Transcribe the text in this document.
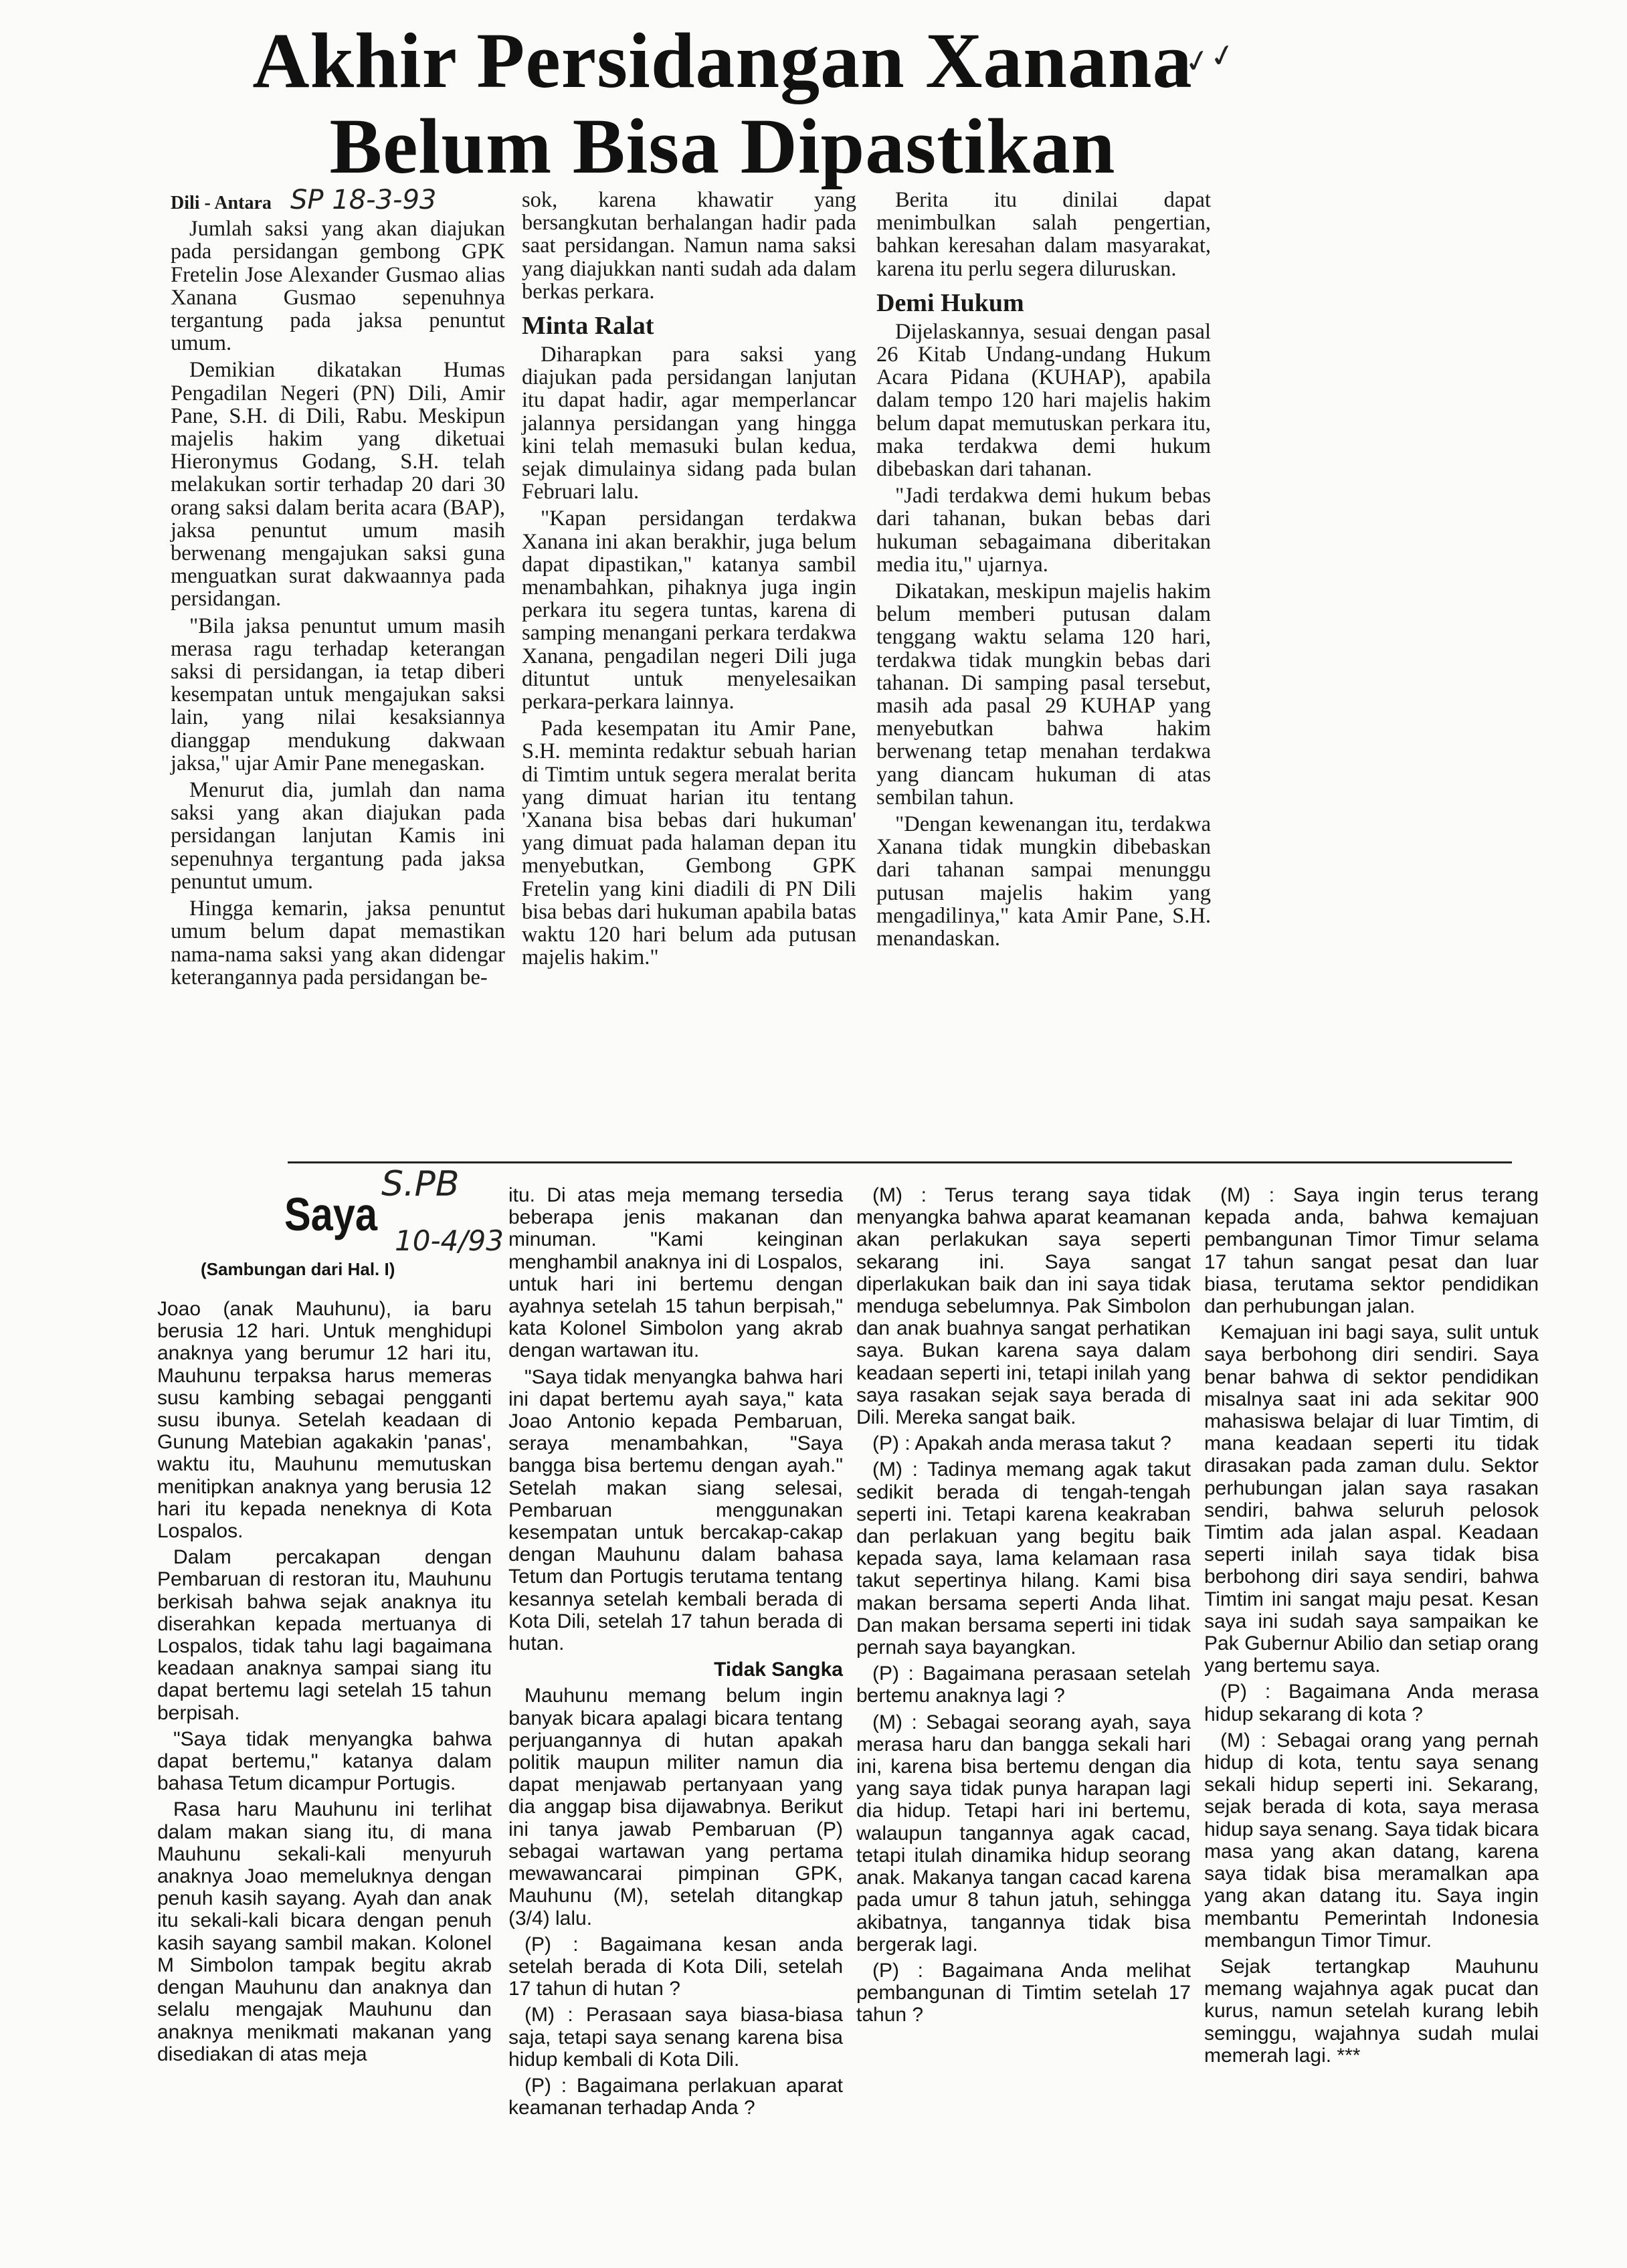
Akhir Persidangan Xanana
Belum Bisa Dipastikan
✓✓
Dili - Antara SP 18-3-93

Jumlah saksi yang akan diajukan pada persidangan gembong GPK Fretelin Jose Alexander Gusmao alias Xanana Gusmao sepenuhnya tergantung pada jaksa penuntut umum.

Demikian dikatakan Humas Pengadilan Negeri (PN) Dili, Amir Pane, S.H. di Dili, Rabu. Meskipun majelis hakim yang diketuai Hieronymus Godang, S.H. telah melakukan sortir terhadap 20 dari 30 orang saksi dalam berita acara (BAP), jaksa penuntut umum masih berwenang mengajukan saksi guna menguatkan surat dakwaannya pada persidangan.

"Bila jaksa penuntut umum masih merasa ragu terhadap keterangan saksi di persidangan, ia tetap diberi kesempatan untuk mengajukan saksi lain, yang nilai kesaksiannya dianggap mendukung dakwaan jaksa," ujar Amir Pane menegaskan.

Menurut dia, jumlah dan nama saksi yang akan diajukan pada persidangan lanjutan Kamis ini sepenuhnya tergantung pada jaksa penuntut umum.

Hingga kemarin, jaksa penuntut umum belum dapat memastikan nama-nama saksi yang akan didengar keterangannya pada persidangan be-

sok, karena khawatir yang bersangkutan berhalangan hadir pada saat persidangan. Namun nama saksi yang diajukkan nanti sudah ada dalam berkas perkara.

Minta Ralat

Diharapkan para saksi yang diajukan pada persidangan lanjutan itu dapat hadir, agar memperlancar jalannya persidangan yang hingga kini telah memasuki bulan kedua, sejak dimulainya sidang pada bulan Februari lalu.

"Kapan persidangan terdakwa Xanana ini akan berakhir, juga belum dapat dipastikan," katanya sambil menambahkan, pihaknya juga ingin perkara itu segera tuntas, karena di samping menangani perkara terdakwa Xanana, pengadilan negeri Dili juga dituntut untuk menyelesaikan perkara-perkara lainnya.

Pada kesempatan itu Amir Pane, S.H. meminta redaktur sebuah harian di Timtim untuk segera meralat berita yang dimuat harian itu tentang 'Xanana bisa bebas dari hukuman' yang dimuat pada halaman depan itu menyebutkan, Gembong GPK Fretelin yang kini diadili di PN Dili bisa bebas dari hukuman apabila batas waktu 120 hari belum ada putusan majelis hakim."

Berita itu dinilai dapat menimbulkan salah pengertian, bahkan keresahan dalam masyarakat, karena itu perlu segera diluruskan.

Demi Hukum

Dijelaskannya, sesuai dengan pasal 26 Kitab Undang-undang Hukum Acara Pidana (KUHAP), apabila dalam tempo 120 hari majelis hakim belum dapat memutuskan perkara itu, maka terdakwa demi hukum dibebaskan dari tahanan.

"Jadi terdakwa demi hukum bebas dari tahanan, bukan bebas dari hukuman sebagaimana diberitakan media itu," ujarnya.

Dikatakan, meskipun majelis hakim belum memberi putusan dalam tenggang waktu selama 120 hari, terdakwa tidak mungkin bebas dari tahanan. Di samping pasal tersebut, masih ada pasal 29 KUHAP yang menyebutkan bahwa hakim berwenang tetap menahan terdakwa yang diancam hukuman di atas sembilan tahun.

"Dengan kewenangan itu, terdakwa Xanana tidak mungkin dibebaskan dari tahanan sampai menunggu putusan majelis hakim yang mengadilinya," kata Amir Pane, S.H. menandaskan.

Saya
S.PB
10-4/93
(Sambungan dari Hal. I)

Joao (anak Mauhunu), ia baru berusia 12 hari. Untuk menghidupi anaknya yang berumur 12 hari itu, Mauhunu terpaksa harus memeras susu kambing sebagai pengganti susu ibunya. Setelah keadaan di Gunung Matebian agakakin 'panas', waktu itu, Mauhunu memutuskan menitipkan anaknya yang berusia 12 hari itu kepada neneknya di Kota Lospalos.

Dalam percakapan dengan Pembaruan di restoran itu, Mauhunu berkisah bahwa sejak anaknya itu diserahkan kepada mertuanya di Lospalos, tidak tahu lagi bagaimana keadaan anaknya sampai siang itu dapat bertemu lagi setelah 15 tahun berpisah.

"Saya tidak menyangka bahwa dapat bertemu," katanya dalam bahasa Tetum dicampur Portugis.

Rasa haru Mauhunu ini terlihat dalam makan siang itu, di mana Mauhunu sekali-kali menyuruh anaknya Joao memeluknya dengan penuh kasih sayang. Ayah dan anak itu sekali-kali bicara dengan penuh kasih sayang sambil makan. Kolonel M Simbolon tampak begitu akrab dengan Mauhunu dan anaknya dan selalu mengajak Mauhunu dan anaknya menikmati makanan yang disediakan di atas meja

itu. Di atas meja memang tersedia beberapa jenis makanan dan minuman. "Kami keinginan menghambil anaknya ini di Lospalos, untuk hari ini bertemu dengan ayahnya setelah 15 tahun berpisah," kata Kolonel Simbolon yang akrab dengan wartawan itu.

"Saya tidak menyangka bahwa hari ini dapat bertemu ayah saya," kata Joao Antonio kepada Pembaruan, seraya menambahkan, "Saya bangga bisa bertemu dengan ayah." Setelah makan siang selesai, Pembaruan menggunakan kesempatan untuk bercakap-cakap dengan Mauhunu dalam bahasa Tetum dan Portugis terutama tentang kesannya setelah kembali berada di Kota Dili, setelah 17 tahun berada di hutan.

Tidak Sangka

Mauhunu memang belum ingin banyak bicara apalagi bicara tentang perjuangannya di hutan apakah politik maupun militer namun dia dapat menjawab pertanyaan yang dia anggap bisa dijawabnya. Berikut ini tanya jawab Pembaruan (P) sebagai wartawan yang pertama mewawancarai pimpinan GPK, Mauhunu (M), setelah ditangkap (3/4) lalu.

(P) : Bagaimana kesan anda setelah berada di Kota Dili, setelah 17 tahun di hutan ?

(M) : Perasaan saya biasa-biasa saja, tetapi saya senang karena bisa hidup kembali di Kota Dili.

(P) : Bagaimana perlakuan aparat keamanan terhadap Anda ?

(M) : Terus terang saya tidak menyangka bahwa aparat keamanan akan perlakukan saya seperti sekarang ini. Saya sangat diperlakukan baik dan ini saya tidak menduga sebelumnya. Pak Simbolon dan anak buahnya sangat perhatikan saya. Bukan karena saya dalam keadaan seperti ini, tetapi inilah yang saya rasakan sejak saya berada di Dili. Mereka sangat baik.

(P) : Apakah anda merasa takut ?

(M) : Tadinya memang agak takut sedikit berada di tengah-tengah seperti ini. Tetapi karena keakraban dan perlakuan yang begitu baik kepada saya, lama kelamaan rasa takut sepertinya hilang. Kami bisa makan bersama seperti Anda lihat. Dan makan bersama seperti ini tidak pernah saya bayangkan.

(P) : Bagaimana perasaan setelah bertemu anaknya lagi ?

(M) : Sebagai seorang ayah, saya merasa haru dan bangga sekali hari ini, karena bisa bertemu dengan dia yang saya tidak punya harapan lagi dia hidup. Tetapi hari ini bertemu, walaupun tangannya agak cacad, tetapi itulah dinamika hidup seorang anak. Makanya tangan cacad karena pada umur 8 tahun jatuh, sehingga akibatnya, tangannya tidak bisa bergerak lagi.

(P) : Bagaimana Anda melihat pembangunan di Timtim setelah 17 tahun ?

(M) : Saya ingin terus terang kepada anda, bahwa kemajuan pembangunan Timor Timur selama 17 tahun sangat pesat dan luar biasa, terutama sektor pendidikan dan perhubungan jalan.

Kemajuan ini bagi saya, sulit untuk saya berbohong diri sendiri. Saya benar bahwa di sektor pendidikan misalnya saat ini ada sekitar 900 mahasiswa belajar di luar Timtim, di mana keadaan seperti itu tidak dirasakan pada zaman dulu. Sektor perhubungan jalan saya rasakan sendiri, bahwa seluruh pelosok Timtim ada jalan aspal. Keadaan seperti inilah saya tidak bisa berbohong diri saya sendiri, bahwa Timtim ini sangat maju pesat. Kesan saya ini sudah saya sampaikan ke Pak Gubernur Abilio dan setiap orang yang bertemu saya.

(P) : Bagaimana Anda merasa hidup sekarang di kota ?

(M) : Sebagai orang yang pernah hidup di kota, tentu saya senang sekali hidup seperti ini. Sekarang, sejak berada di kota, saya merasa hidup saya senang. Saya tidak bicara masa yang akan datang, karena saya tidak bisa meramalkan apa yang akan datang itu. Saya ingin membantu Pemerintah Indonesia membangun Timor Timur.

Sejak tertangkap Mauhunu memang wajahnya agak pucat dan kurus, namun setelah kurang lebih seminggu, wajahnya sudah mulai memerah lagi. ***
